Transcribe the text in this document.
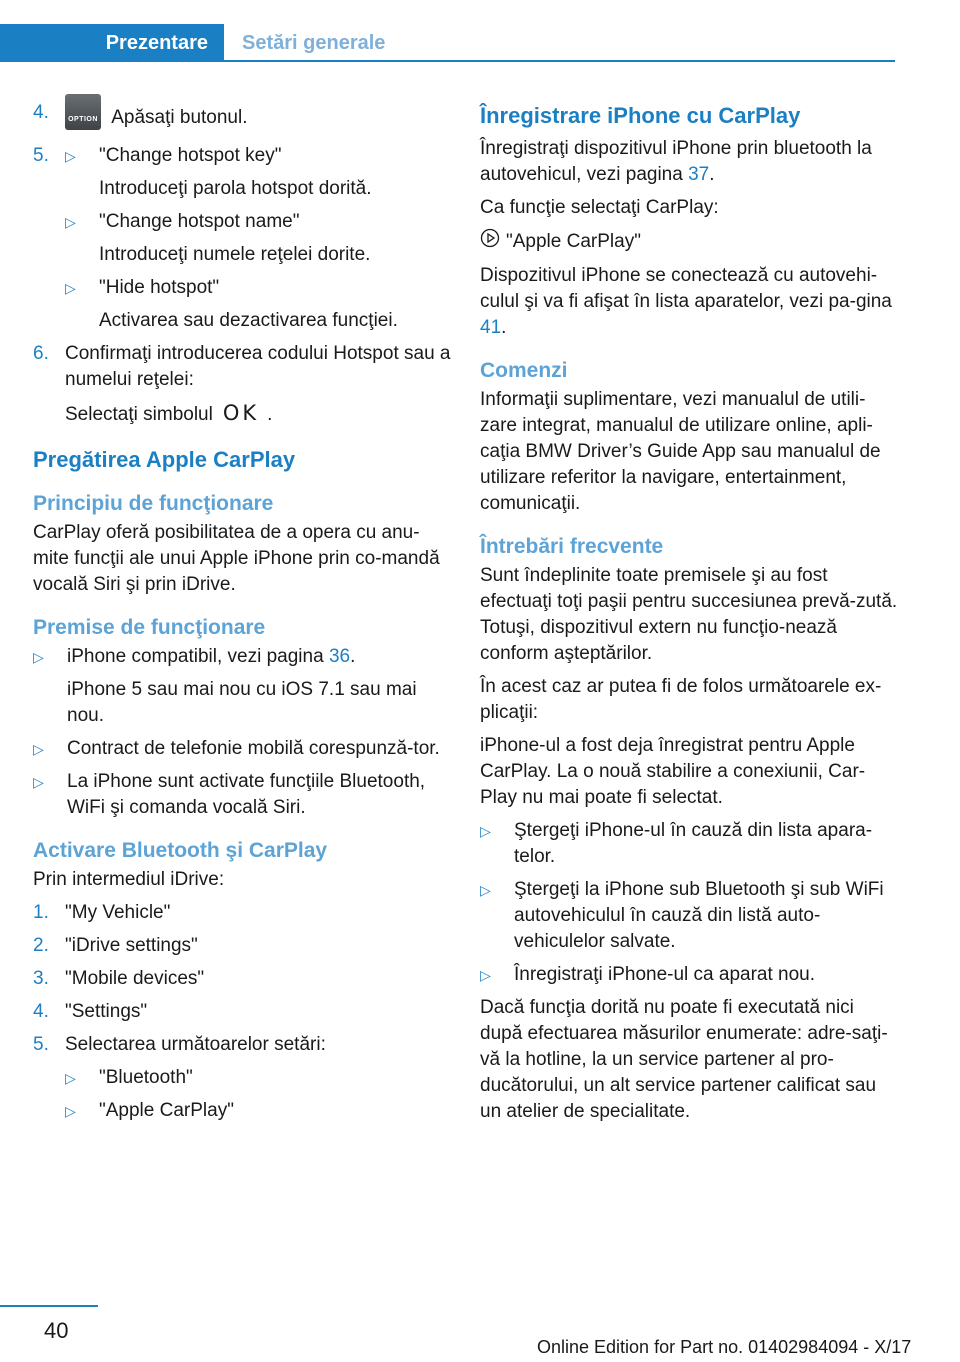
Prezentare	Setări generale
4.	OPTION Apăsaţi butonul.
5.	▷	"Change hotspot key"
Introduceţi parola hotspot dorită.
▷	"Change hotspot name"
Introduceţi numele reţelei dorite.
▷	"Hide hotspot"
Activarea sau dezactivarea funcţiei.
6. Confirmaţi introducerea codului Hotspot sau a numelui reţelei:
Selectaţi simbolul OK .
Pregătirea Apple CarPlay
Principiu de funcţionare
CarPlay oferă posibilitatea de a opera cu anu‐mite funcţii ale unui Apple iPhone prin co‐mandă vocală Siri şi prin iDrive.
Premise de funcţionare
▷	iPhone compatibil, vezi pagina 36.
iPhone 5 sau mai nou cu iOS 7.1 sau mai nou.
▷	Contract de telefonie mobilă corespunză‐tor.
▷	La iPhone sunt activate funcţiile Bluetooth, WiFi şi comanda vocală Siri.
Activare Bluetooth şi CarPlay
Prin intermediul iDrive:
1. "My Vehicle"
2. "iDrive settings"
3. "Mobile devices"
4. "Settings"
5. Selectarea următoarelor setări:
▷	"Bluetooth"
▷	"Apple CarPlay"
Înregistrare iPhone cu CarPlay
Înregistraţi dispozitivul iPhone prin bluetooth la autovehicul, vezi pagina 37.
Ca funcţie selectaţi CarPlay:
"Apple CarPlay"
Dispozitivul iPhone se conectează cu autovehi‐culul şi va fi afişat în lista aparatelor, vezi pa‐gina 41.
Comenzi
Informaţii suplimentare, vezi manualul de utili‐zare integrat, manualul de utilizare online, apli‐caţia BMW Driver’s Guide App sau manualul de utilizare referitor la navigare, entertainment, comunicaţii.
Întrebări frecvente
Sunt îndeplinite toate premisele şi au fost efectuaţi toţi paşii pentru succesiunea prevă‐zută. Totuşi, dispozitivul extern nu funcţio‐nează conform aşteptărilor.
În acest caz ar putea fi de folos următoarele ex‐plicaţii:
iPhone-ul a fost deja înregistrat pentru Apple CarPlay. La o nouă stabilire a conexiunii, Car‐Play nu mai poate fi selectat.
▷	Ştergeţi iPhone-ul în cauză din lista apara‐telor.
▷	Ştergeţi la iPhone sub Bluetooth şi sub WiFi autovehiculul în cauză din listă auto‐vehiculelor salvate.
▷	Înregistraţi iPhone-ul ca aparat nou.
Dacă funcţia dorită nu poate fi executată nici după efectuarea măsurilor enumerate: adre‐saţi-vă la hotline, la un service partener al pro‐ducătorului, un alt service partener calificat sau un atelier de specialitate.
40
Online Edition for Part no. 01402984094 - X/17
